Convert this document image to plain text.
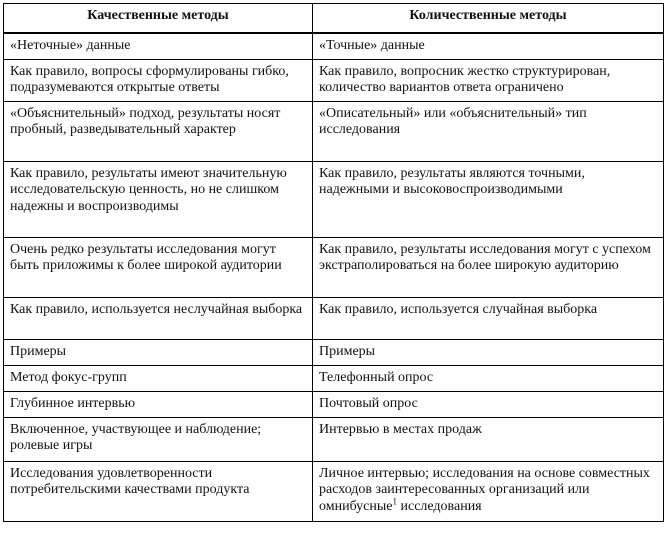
Качественные методы	Количественные методы
«Неточные» данные	«Точные» данные
Как правило, вопросы сформулированы гибко, подразумеваются открытые ответы	Как правило, вопросник жестко структурирован, количество вариантов ответа ограничено
«Объяснительный» подход, результаты носят пробный, разведывательный характер	«Описательный» или «объяснительный» тип исследования
Как правило, результаты имеют значительную исследовательскую ценность, но не слишком надежны и воспроизводимы	Как правило, результаты являются точными, надежными и высоковоспроизводимыми
Очень редко результаты исследования могут быть приложимы к более широкой аудитории	Как правило, результаты исследования могут с успехом экстраполироваться на более широкую аудиторию
Как правило, используется неслучайная выборка	Как правило, используется случайная выборка
Примеры	Примеры
Метод фокус-групп	Телефонный опрос
Глубинное интервью	Почтовый опрос
Включенное, участвующее и наблюдение; ролевые игры	Интервью в местах продаж
Исследования удовлетворенности потребительскими качествами продукта	Личное интервью; исследования на основе совместных расходов заинтересованных организаций или омнибусные$^1$ исследования
